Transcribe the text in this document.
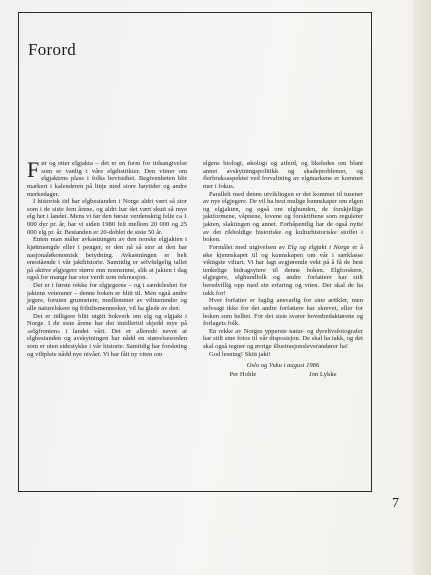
Forord

Før og etter elgjakta – det er en form for tidsangivelse som er vanlig i våre elgdistrikter. Den vitner om elgjaktens plass i folks bevissthet. Begivenheten blir markert i kalenderen på linje med store høytider og andre merkedager.

I historisk tid har elgbestanden i Norge aldri vært så stor som i de siste fem årene, og aldri har det vært skutt så mye elg her i landet. Mens vi før den første verdenskrig felte ca 1 000 dyr pr. år, har vi siden 1980 felt mellom 20 000 og 25 000 elg pr. år. Bestanden er 20-doblet de siste 50 år.

Enten man måler avkastningen av den norske elgjakten i kjøttmengde eller i penger, er den nå så stor at den har nasjonaløkonomisk betydning. Avkastningen er helt enestående i vår jakthistorie. Samtidig er selvfølgelig tallet på aktive elgjegere større enn noensinne, slik at jakten i dag også for mange har stor verdi som rekreasjon.

Det er i første rekke for elgjegerne – og i særdeleshet for jaktens veteraner – denne boken er blitt til. Men også andre jegere, foruten grunneiere, medlemmer av viltnemnder og alle naturelskere og friluftsmennesker, vil ha glede av den.

Det er tidligere blitt utgitt bokverk om elg og elgjakt i Norge. I de siste årene har det imidlertid skjedd mye på «elgfronten» i landet vårt. Det er allerede nevnt at elgbestanden og avskytningen har nådd en størrelsesorden som er uten sidestykke i vår historie. Samtidig har forskning og viltpleie nådd nye nivåer. Vi har fått ny viten om

elgens biologi, økologi og atferd, og likeledes om blant annet avskytningspolitikk og skadeproblemer, og flerbruksaspektet ved forvaltning av elgmarkene er kommet mer i fokus.

Parallelt med denne utviklingen er det kommet til tusener av nye elgjegere. De vil ha best mulige kunnskaper om elgen og elgjakten, og også om elghunden, de forskjellige jaktformene, våpnene, lovene og forskriftene som regulerer jakten, slaktingen og annet. Forhåpentlig har de også nytte av det rikholdige historiske og kulturhistoriske stoffet i boken.

Formålet med utgivelsen av Elg og elgjakt i Norge er å øke kjennskapet til og kunnskapen om vår i særklasse viktigste viltart. Vi har lagt avgjørende vekt på å få de best tenkelige bidragsytere til denne boken. Elgforskere, elgjegere, elghundfolk og andre forfattere har stilt beredvillig opp med sin erfaring og viten. Det skal de ha takk for!

Hver forfatter er faglig ansvarlig for sine artikler, men selvsagt ikke for det andre forfattere har skrevet, eller for boken som helhet. For det siste svarer hovedredaktørene og forlagets folk.

En rekke av Norges ypperste natur- og dyrelivsfotografer har stilt sine fotos til vår disposisjon. De skal ha takk, og det skal også tegner og øvrige illustrasjonsleverandører ha!

God lesning! Skitt jakt!

Oslo og Vuku i august 1986

Per Hohle	Jon Lykke
7
